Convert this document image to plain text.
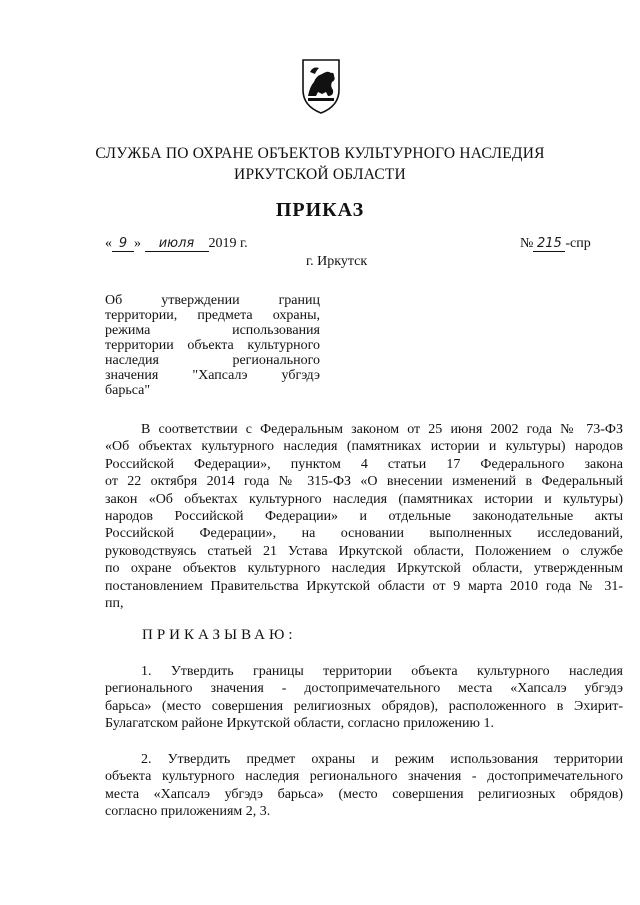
СЛУЖБА ПО ОХРАНЕ ОБЪЕКТОВ КУЛЬТУРНОГО НАСЛЕДИЯ
ИРКУТСКОЙ ОБЛАСТИ
ПРИКАЗ
« 9 » июля 2019 г.	№ 215 -спр
г. Иркутск
Об утверждении границ
территории, предмета охраны,
режима использования
территории объекта культурного
наследия регионального
значения "Хапсалэ убгэдэ
барьса"
В соответствии с Федеральным законом от 25 июня 2002 года № 73-ФЗ
«Об объектах культурного наследия (памятниках истории и культуры) народов
Российской Федерации», пунктом 4 статьи 17 Федерального закона
от 22 октября 2014 года № 315-ФЗ «О внесении изменений в Федеральный
закон «Об объектах культурного наследия (памятниках истории и культуры)
народов Российской Федерации» и отдельные законодательные акты
Российской Федерации», на основании выполненных исследований,
руководствуясь статьей 21 Устава Иркутской области, Положением о службе
по охране объектов культурного наследия Иркутской области, утвержденным
постановлением Правительства Иркутской области от 9 марта 2010 года № 31-
пп,
ПРИКАЗЫВАЮ:
1. Утвердить границы территории объекта культурного наследия
регионального значения - достопримечательного места «Хапсалэ убгэдэ
барьса» (место совершения религиозных обрядов), расположенного в Эхирит-
Булагатском районе Иркутской области, согласно приложению 1.
2. Утвердить предмет охраны и режим использования территории
объекта культурного наследия регионального значения - достопримечательного
места «Хапсалэ убгэдэ барьса» (место совершения религиозных обрядов)
согласно приложениям 2, 3.
